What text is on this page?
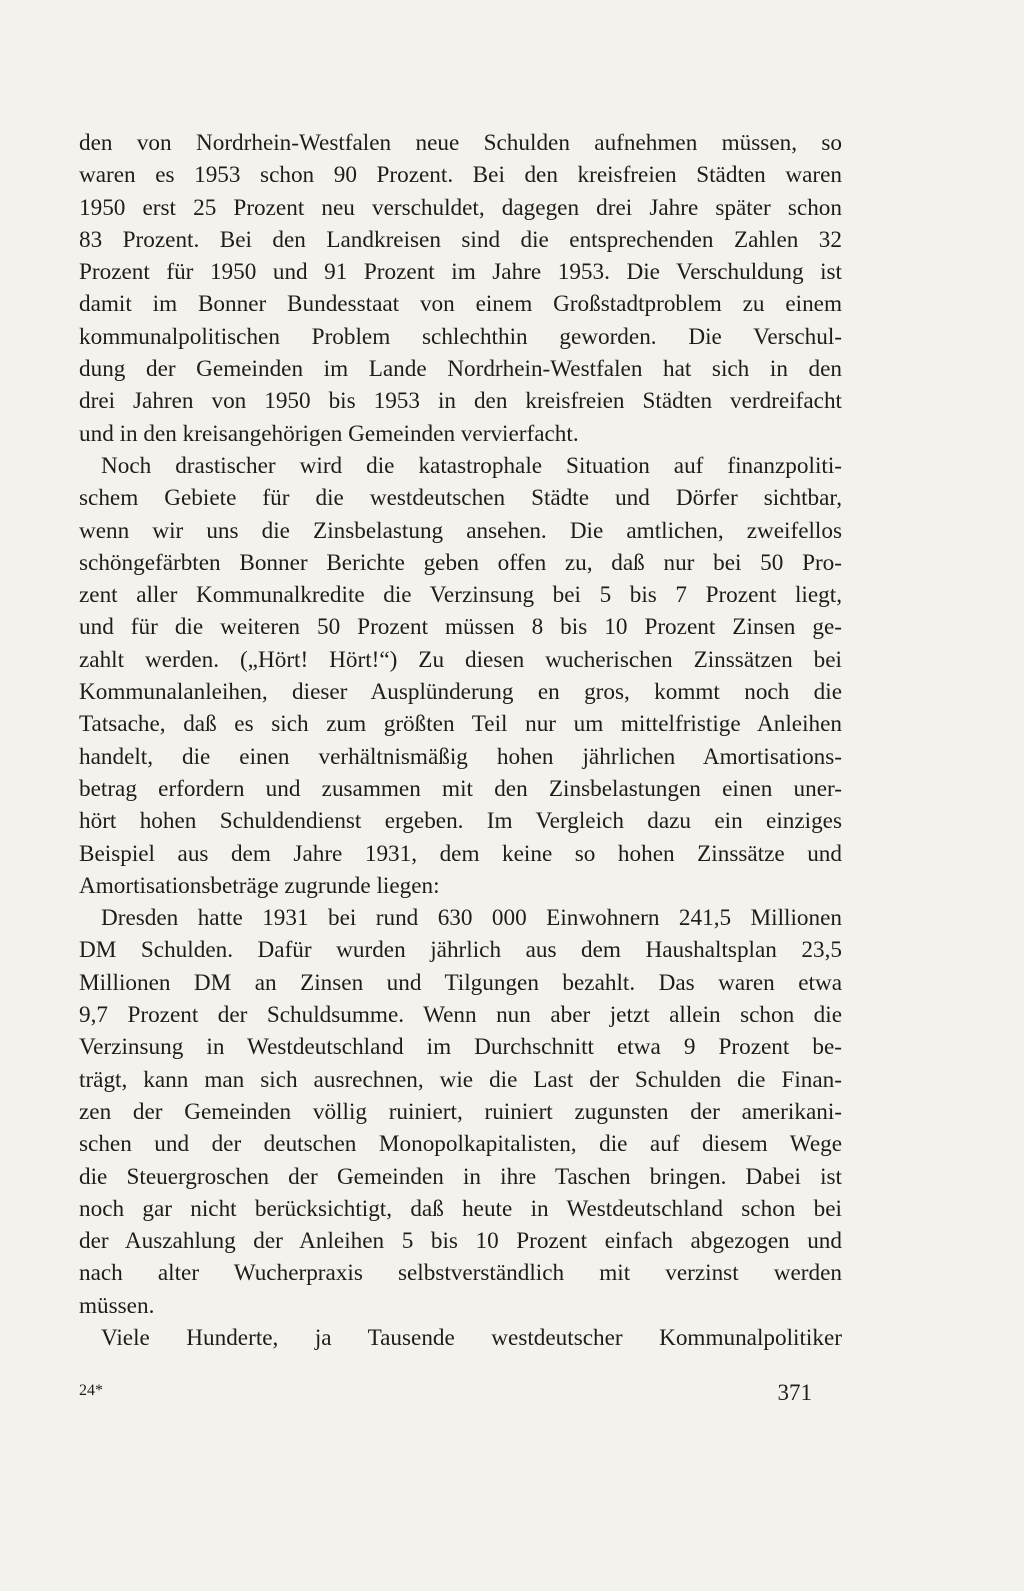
den von Nordrhein-Westfalen neue Schulden aufnehmen müssen, so
waren es 1953 schon 90 Prozent. Bei den kreisfreien Städten waren
1950 erst 25 Prozent neu verschuldet, dagegen drei Jahre später schon
83 Prozent. Bei den Landkreisen sind die entsprechenden Zahlen 32
Prozent für 1950 und 91 Prozent im Jahre 1953. Die Verschuldung ist
damit im Bonner Bundesstaat von einem Großstadtproblem zu einem
kommunalpolitischen Problem schlechthin geworden. Die Verschul-
dung der Gemeinden im Lande Nordrhein-Westfalen hat sich in den
drei Jahren von 1950 bis 1953 in den kreisfreien Städten verdreifacht
und in den kreisangehörigen Gemeinden vervierfacht.
Noch drastischer wird die katastrophale Situation auf finanzpoliti-
schem Gebiete für die westdeutschen Städte und Dörfer sichtbar,
wenn wir uns die Zinsbelastung ansehen. Die amtlichen, zweifellos
schöngefärbten Bonner Berichte geben offen zu, daß nur bei 50 Pro-
zent aller Kommunalkredite die Verzinsung bei 5 bis 7 Prozent liegt,
und für die weiteren 50 Prozent müssen 8 bis 10 Prozent Zinsen ge-
zahlt werden. („Hört! Hört!“) Zu diesen wucherischen Zinssätzen bei
Kommunalanleihen, dieser Ausplünderung en gros, kommt noch die
Tatsache, daß es sich zum größten Teil nur um mittelfristige Anleihen
handelt, die einen verhältnismäßig hohen jährlichen Amortisations-
betrag erfordern und zusammen mit den Zinsbelastungen einen uner-
hört hohen Schuldendienst ergeben. Im Vergleich dazu ein einziges
Beispiel aus dem Jahre 1931, dem keine so hohen Zinssätze und
Amortisationsbeträge zugrunde liegen:
Dresden hatte 1931 bei rund 630 000 Einwohnern 241,5 Millionen
DM Schulden. Dafür wurden jährlich aus dem Haushaltsplan 23,5
Millionen DM an Zinsen und Tilgungen bezahlt. Das waren etwa
9,7 Prozent der Schuldsumme. Wenn nun aber jetzt allein schon die
Verzinsung in Westdeutschland im Durchschnitt etwa 9 Prozent be-
trägt, kann man sich ausrechnen, wie die Last der Schulden die Finan-
zen der Gemeinden völlig ruiniert, ruiniert zugunsten der amerikani-
schen und der deutschen Monopolkapitalisten, die auf diesem Wege
die Steuergroschen der Gemeinden in ihre Taschen bringen. Dabei ist
noch gar nicht berücksichtigt, daß heute in Westdeutschland schon bei
der Auszahlung der Anleihen 5 bis 10 Prozent einfach abgezogen und
nach alter Wucherpraxis selbstverständlich mit verzinst werden
müssen.
Viele Hunderte, ja Tausende westdeutscher Kommunalpolitiker
24*	371
